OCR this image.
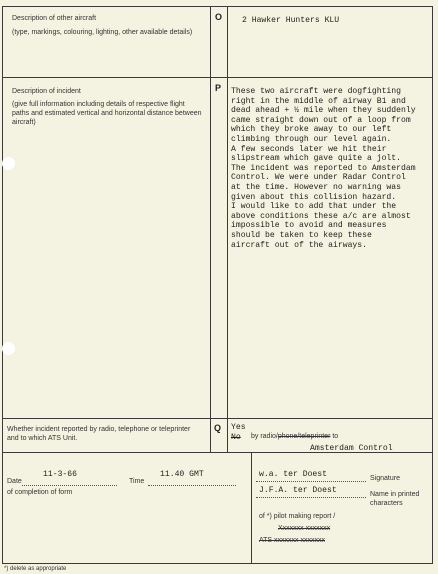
Description of other aircraft
(type, markings, colouring, lighting, other available details)
O 2 Hawker Hunters KLU
Description of incident
(give full information including details of respective flight paths and estimated vertical and horizontal distance between aircraft)
P These two aircraft were dogfighting
right in the middle of airway B1 and
dead ahead + ½ mile when they suddenly
came straight down out of a loop from
which they broke away to our left
climbing through our level again.
A few seconds later we hit their
slipstream which gave quite a jolt.
The incident was reported to Amsterdam
Control. We were under Radar Control
at the time. However no warning was
given about this collision hazard.
I would like to add that under the
above conditions these a/c are almost
impossible to avoid and measures
should be taken to keep these
aircraft out of the airways.
Whether incident reported by radio, telephone or teleprinter and to which ATS Unit.
Q Yes
No by radio/phone/teleprinter to
Amsterdam Control
Date
11-3-66
Time
11.40 GMT
of completion of form
w.a. ter Doest	Signature
J.F.A. ter Doest	Name in printed characters
of *) pilot making report /
Xxxxxxx xxxxxxx
ATS xxxxxxx xxxxxxx
*) delete as appropriate
